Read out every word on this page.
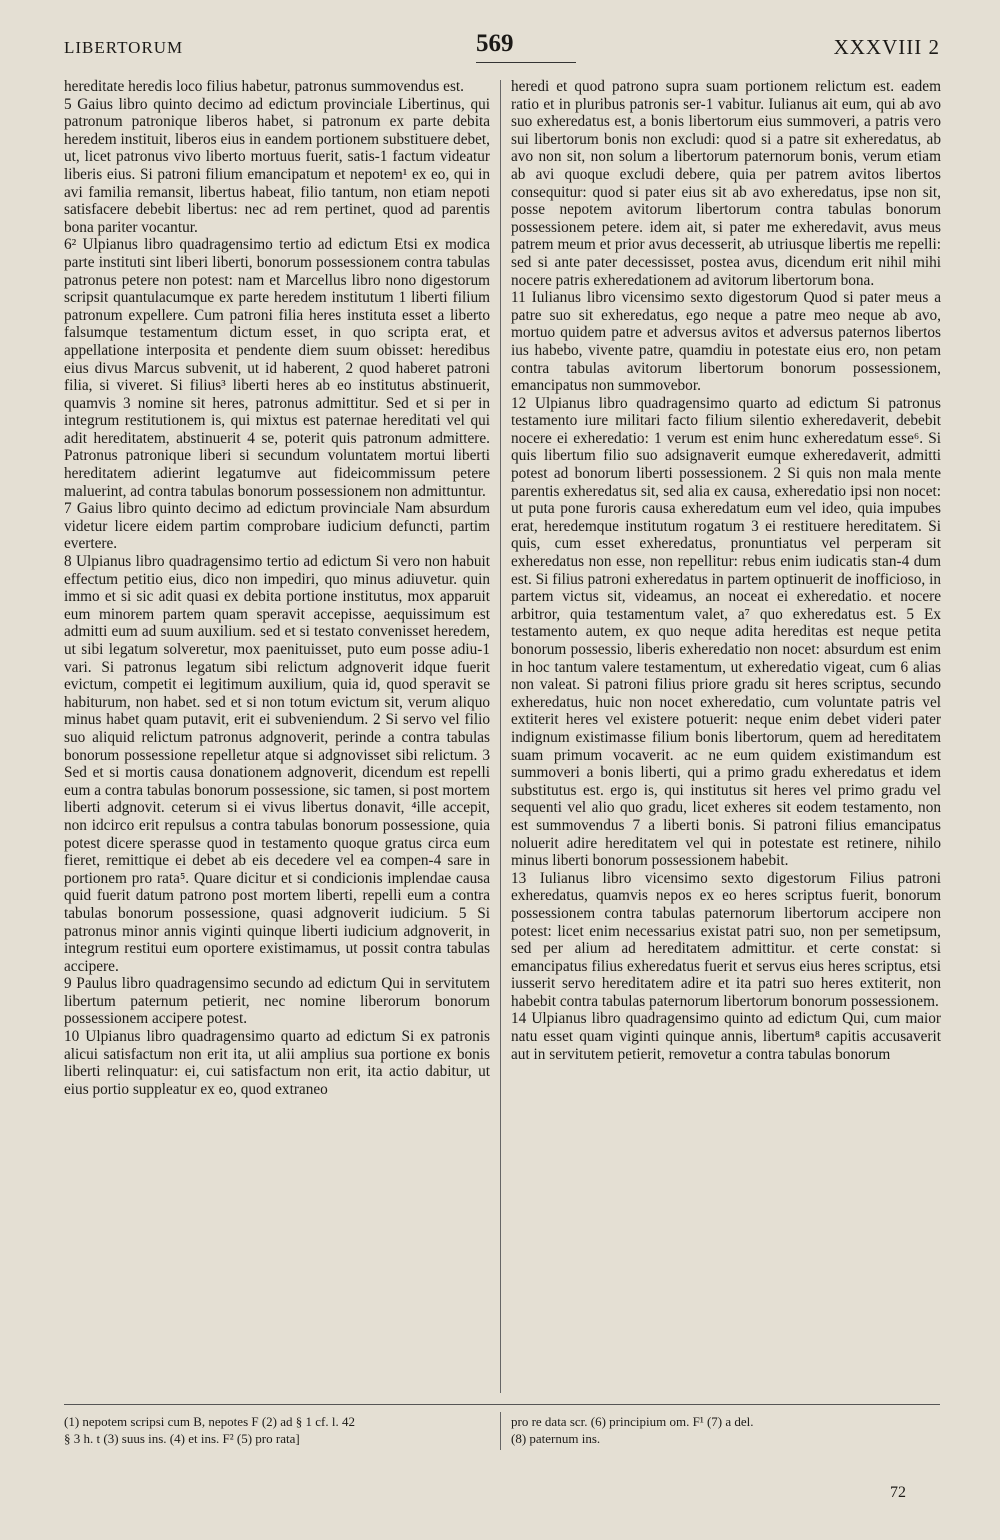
LIBERTORUM	569	XXXVIII 2

hereditate heredis loco filius habetur, patronus summovendus est.

5 Gaius libro quinto decimo ad edictum provinciale Libertinus, qui patronum patronique liberos habet, si patronum ex parte debita heredem instituit, liberos eius in eandem portionem substituere debet, ut, licet patronus vivo liberto mortuus fuerit, satis-1 factum videatur liberis eius. Si patroni filium emancipatum et nepotem¹ ex eo, qui in avi familia remansit, libertus habeat, filio tantum, non etiam nepoti satisfacere debebit libertus: nec ad rem pertinet, quod ad parentis bona pariter vocantur.

6² Ulpianus libro quadragensimo tertio ad edictum Etsi ex modica parte instituti sint liberi liberti, bonorum possessionem contra tabulas patronus petere non potest: nam et Marcellus libro nono digestorum scripsit quantulacumque ex parte heredem institutum 1 liberti filium patronum expellere. Cum patroni filia heres instituta esset a liberto falsumque testamentum dictum esset, in quo scripta erat, et appellatione interposita et pendente diem suum obisset: heredibus eius divus Marcus subvenit, ut id haberent, 2 quod haberet patroni filia, si viveret. Si filius³ liberti heres ab eo institutus abstinuerit, quamvis 3 nomine sit heres, patronus admittitur. Sed et si per in integrum restitutionem is, qui mixtus est paternae hereditati vel qui adit hereditatem, abstinuerit 4 se, poterit quis patronum admittere. Patronus patronique liberi si secundum voluntatem mortui liberti hereditatem adierint legatumve aut fideicommissum petere maluerint, ad contra tabulas bonorum possessionem non admittuntur.

7 Gaius libro quinto decimo ad edictum provinciale Nam absurdum videtur licere eidem partim comprobare iudicium defuncti, partim evertere.

8 Ulpianus libro quadragensimo tertio ad edictum Si vero non habuit effectum petitio eius, dico non impediri, quo minus adiuvetur. quin immo et si sic adit quasi ex debita portione institutus, mox apparuit eum minorem partem quam speravit accepisse, aequissimum est admitti eum ad suum auxilium. sed et si testato convenisset heredem, ut sibi legatum solveretur, mox paenituisset, puto eum posse adiu-1 vari. Si patronus legatum sibi relictum adgnoverit idque fuerit evictum, competit ei legitimum auxilium, quia id, quod speravit se habiturum, non habet. sed et si non totum evictum sit, verum aliquo minus habet quam putavit, erit ei subveniendum. 2 Si servo vel filio suo aliquid relictum patronus adgnoverit, perinde a contra tabulas bonorum possessione repelletur atque si adgnovisset sibi relictum. 3 Sed et si mortis causa donationem adgnoverit, dicendum est repelli eum a contra tabulas bonorum possessione, sic tamen, si post mortem liberti adgnovit. ceterum si ei vivus libertus donavit, ⁴ille accepit, non idcirco erit repulsus a contra tabulas bonorum possessione, quia potest dicere sperasse quod in testamento quoque gratus circa eum fieret, remittique ei debet ab eis decedere vel ea compen-4 sare in portionem pro rata⁵. Quare dicitur et si condicionis implendae causa quid fuerit datum patrono post mortem liberti, repelli eum a contra tabulas bonorum possessione, quasi adgnoverit iudicium. 5 Si patronus minor annis viginti quinque liberti iudicium adgnoverit, in integrum restitui eum oportere existimamus, ut possit contra tabulas accipere.

9 Paulus libro quadragensimo secundo ad edictum Qui in servitutem libertum paternum petierit, nec nomine liberorum bonorum possessionem accipere potest.

10 Ulpianus libro quadragensimo quarto ad edictum Si ex patronis alicui satisfactum non erit ita, ut alii amplius sua portione ex bonis liberti relinquatur: ei, cui satisfactum non erit, ita actio dabitur, ut eius portio suppleatur ex eo, quod extraneo

heredi et quod patrono supra suam portionem relictum est. eadem ratio et in pluribus patronis ser-1 vabitur. Iulianus ait eum, qui ab avo suo exheredatus est, a bonis libertorum eius summoveri, a patris vero sui libertorum bonis non excludi: quod si a patre sit exheredatus, ab avo non sit, non solum a libertorum paternorum bonis, verum etiam ab avi quoque excludi debere, quia per patrem avitos libertos consequitur: quod si pater eius sit ab avo exheredatus, ipse non sit, posse nepotem avitorum libertorum contra tabulas bonorum possessionem petere. idem ait, si pater me exheredavit, avus meus patrem meum et prior avus decesserit, ab utriusque libertis me repelli: sed si ante pater decessisset, postea avus, dicendum erit nihil mihi nocere patris exheredationem ad avitorum libertorum bona.

11 Iulianus libro vicensimo sexto digestorum Quod si pater meus a patre suo sit exheredatus, ego neque a patre meo neque ab avo, mortuo quidem patre et adversus avitos et adversus paternos libertos ius habebo, vivente patre, quamdiu in potestate eius ero, non petam contra tabulas avitorum libertorum bonorum possessionem, emancipatus non summovebor.

12 Ulpianus libro quadragensimo quarto ad edictum Si patronus testamento iure militari facto filium silentio exheredaverit, debebit nocere ei exheredatio: 1 verum est enim hunc exheredatum esse⁶. Si quis libertum filio suo adsignaverit eumque exheredaverit, admitti potest ad bonorum liberti possessionem. 2 Si quis non mala mente parentis exheredatus sit, sed alia ex causa, exheredatio ipsi non nocet: ut puta pone furoris causa exheredatum eum vel ideo, quia impubes erat, heredemque institutum rogatum 3 ei restituere hereditatem. Si quis, cum esset exheredatus, pronuntiatus vel perperam sit exheredatus non esse, non repellitur: rebus enim iudicatis stan-4 dum est. Si filius patroni exheredatus in partem optinuerit de inofficioso, in partem victus sit, videamus, an noceat ei exheredatio. et nocere arbitror, quia testamentum valet, a⁷ quo exheredatus est. 5 Ex testamento autem, ex quo neque adita hereditas est neque petita bonorum possessio, liberis exheredatio non nocet: absurdum est enim in hoc tantum valere testamentum, ut exheredatio vigeat, cum 6 alias non valeat. Si patroni filius priore gradu sit heres scriptus, secundo exheredatus, huic non nocet exheredatio, cum voluntate patris vel extiterit heres vel existere potuerit: neque enim debet videri pater indignum existimasse filium bonis libertorum, quem ad hereditatem suam primum vocaverit. ac ne eum quidem existimandum est summoveri a bonis liberti, qui a primo gradu exheredatus et idem substitutus est. ergo is, qui institutus sit heres vel primo gradu vel sequenti vel alio quo gradu, licet exheres sit eodem testamento, non est summovendus 7 a liberti bonis. Si patroni filius emancipatus noluerit adire hereditatem vel qui in potestate est retinere, nihilo minus liberti bonorum possessionem habebit.

13 Iulianus libro vicensimo sexto digestorum Filius patroni exheredatus, quamvis nepos ex eo heres scriptus fuerit, bonorum possessionem contra tabulas paternorum libertorum accipere non potest: licet enim necessarius existat patri suo, non per semetipsum, sed per alium ad hereditatem admittitur. et certe constat: si emancipatus filius exheredatus fuerit et servus eius heres scriptus, etsi iusserit servo hereditatem adire et ita patri suo heres extiterit, non habebit contra tabulas paternorum libertorum bonorum possessionem.

14 Ulpianus libro quadragensimo quinto ad edictum Qui, cum maior natu esset quam viginti quinque annis, libertum⁸ capitis accusaverit aut in servitutem petierit, removetur a contra tabulas bonorum

(1) nepotem scripsi cum B, nepotes F (2) ad § 1 cf. l. 42
§ 3 h. t (3) suus ins. (4) et ins. F² (5) pro rata]
pro re data scr. (6) principium om. F¹ (7) a del.
(8) paternum ins.
72
